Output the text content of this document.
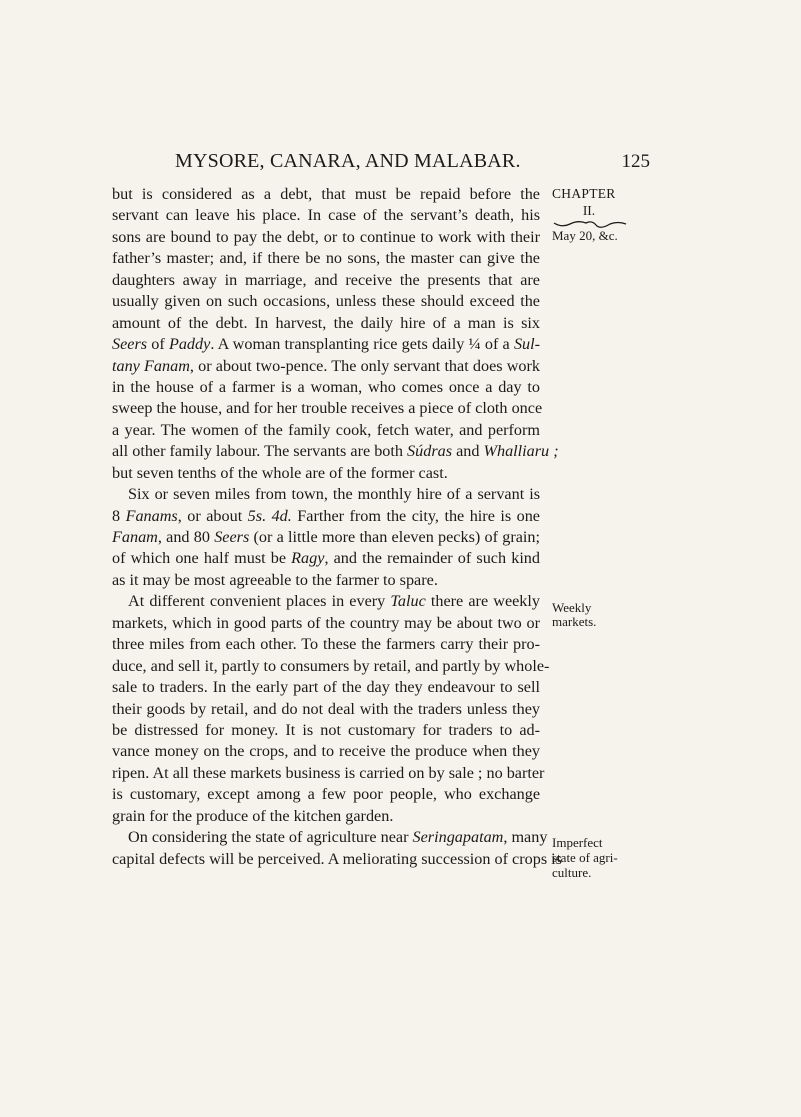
MYSORE, CANARA, AND MALABAR.	125
but is considered as a debt, that must be repaid before the
servant can leave his place. In case of the servant’s death, his
sons are bound to pay the debt, or to continue to work with their
father’s master; and, if there be no sons, the master can give the
daughters away in marriage, and receive the presents that are
usually given on such occasions, unless these should exceed the
amount of the debt. In harvest, the daily hire of a man is six
Seers of Paddy. A woman transplanting rice gets daily ¼ of a Sul-
tany Fanam, or about two-pence. The only servant that does work
in the house of a farmer is a woman, who comes once a day to
sweep the house, and for her trouble receives a piece of cloth once
a year. The women of the family cook, fetch water, and perform
all other family labour. The servants are both Súdras and Whalliaru ;
but seven tenths of the whole are of the former cast.
Six or seven miles from town, the monthly hire of a servant is
8 Fanams, or about 5s. 4d. Farther from the city, the hire is one
Fanam, and 80 Seers (or a little more than eleven pecks) of grain;
of which one half must be Ragy, and the remainder of such kind
as it may be most agreeable to the farmer to spare.
At different convenient places in every Taluc there are weekly
markets, which in good parts of the country may be about two or
three miles from each other. To these the farmers carry their pro-
duce, and sell it, partly to consumers by retail, and partly by whole-
sale to traders. In the early part of the day they endeavour to sell
their goods by retail, and do not deal with the traders unless they
be distressed for money. It is not customary for traders to ad-
vance money on the crops, and to receive the produce when they
ripen. At all these markets business is carried on by sale ; no barter
is customary, except among a few poor people, who exchange
grain for the produce of the kitchen garden.
On considering the state of agriculture near Seringapatam, many
capital defects will be perceived. A meliorating succession of crops is
CHAPTER
II.
May 20, &c.
Weekly
markets.
Imperfect
state of agri-
culture.
